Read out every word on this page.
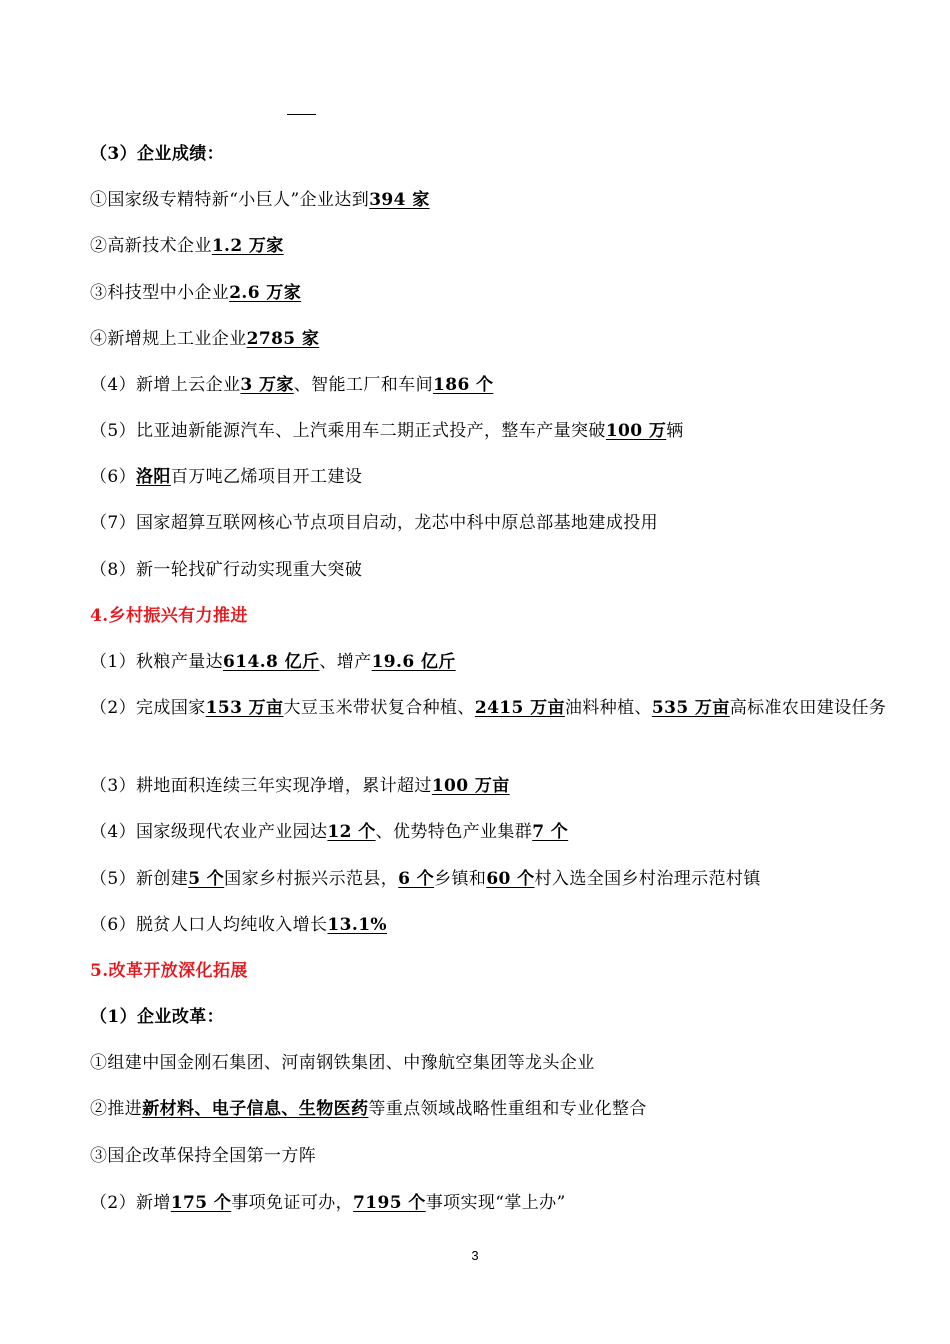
（3）企业成绩：
①国家级专精特新“小巨人”企业达到394 家
②高新技术企业1.2 万家
③科技型中小企业2.6 万家
④新增规上工业企业2785 家
（4）新增上云企业3 万家、智能工厂和车间186 个
（5）比亚迪新能源汽车、上汽乘用车二期正式投产，整车产量突破100 万辆
（6）洛阳百万吨乙烯项目开工建设
（7）国家超算互联网核心节点项目启动，龙芯中科中原总部基地建成投用
（8）新一轮找矿行动实现重大突破
4.乡村振兴有力推进
（1）秋粮产量达614.8 亿斤、增产19.6 亿斤
（2）完成国家153 万亩大豆玉米带状复合种植、2415 万亩油料种植、535 万亩高标准农田建设任务
（3）耕地面积连续三年实现净增，累计超过100 万亩
（4）国家级现代农业产业园达12 个、优势特色产业集群7 个
（5）新创建5 个国家乡村振兴示范县，6 个乡镇和60 个村入选全国乡村治理示范村镇
（6）脱贫人口人均纯收入增长13.1%
5.改革开放深化拓展
（1）企业改革：
①组建中国金刚石集团、河南钢铁集团、中豫航空集团等龙头企业
②推进新材料、电子信息、生物医药等重点领域战略性重组和专业化整合
③国企改革保持全国第一方阵
（2）新增175 个事项免证可办，7195 个事项实现“掌上办”
3
